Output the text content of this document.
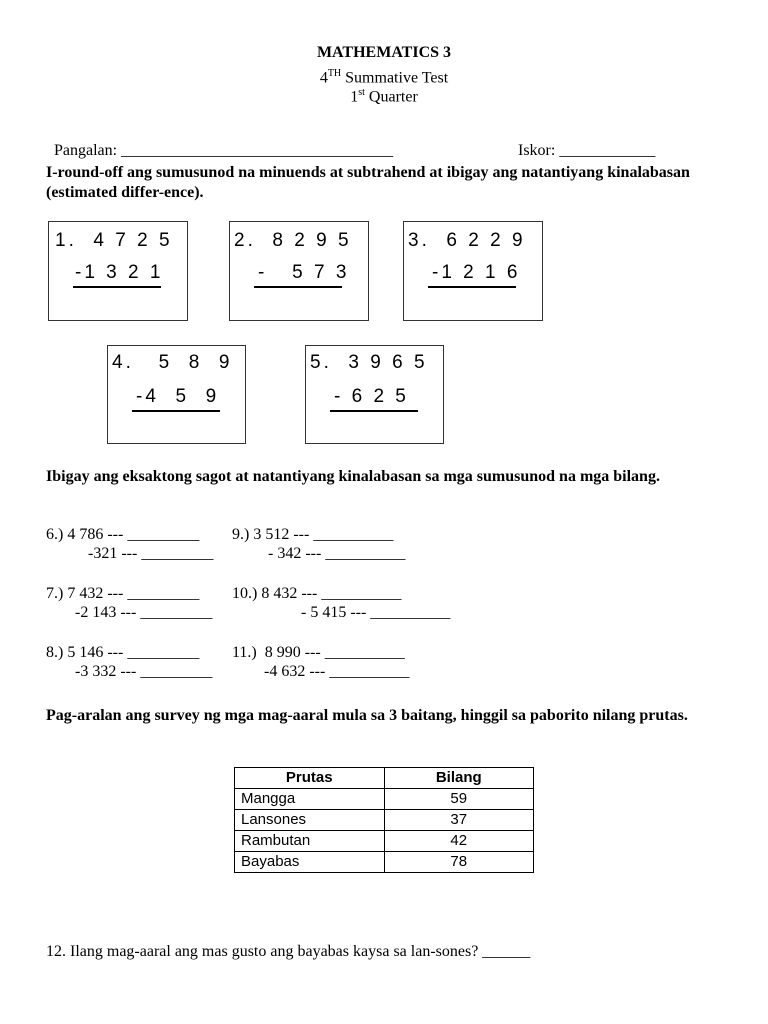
MATHEMATICS 3
4TH Summative Test
1st Quarter

Pangalan: __________________________________	Iskor: ____________

I-round-off ang sumusunod na minuends at subtrahend at ibigay ang natantiyang kinalabasan (estimated differ-ence).
1.  4 7 2 5
-1 3 2 1
2.  8 2 9 5
-   5 7 3
3.  6 2 2 9
-1 2 1 6
4.   5  8  9
-4  5  9
5.  3 9 6 5
- 6 2 5
Ibigay ang eksaktong sagot at natantiyang kinalabasan sa mga sumusunod na mga bilang.
6.) 4 786 --- _________
-321 --- _________
9.) 3 512 --- __________
- 342 --- __________
7.) 7 432 --- _________
-2 143 --- _________
10.) 8 432 --- __________
- 5 415 --- __________
8.) 5 146 --- _________
-3 332 --- _________
11.)  8 990 --- __________
-4 632 --- __________
Pag-aralan ang survey ng mga mag-aaral mula sa 3 baitang, hinggil sa paborito nilang prutas.
Prutas	Bilang
Mangga	59
Lansones	37
Rambutan	42
Bayabas	78
12. Ilang mag-aaral ang mas gusto ang bayabas kaysa sa lan-sones? ______
